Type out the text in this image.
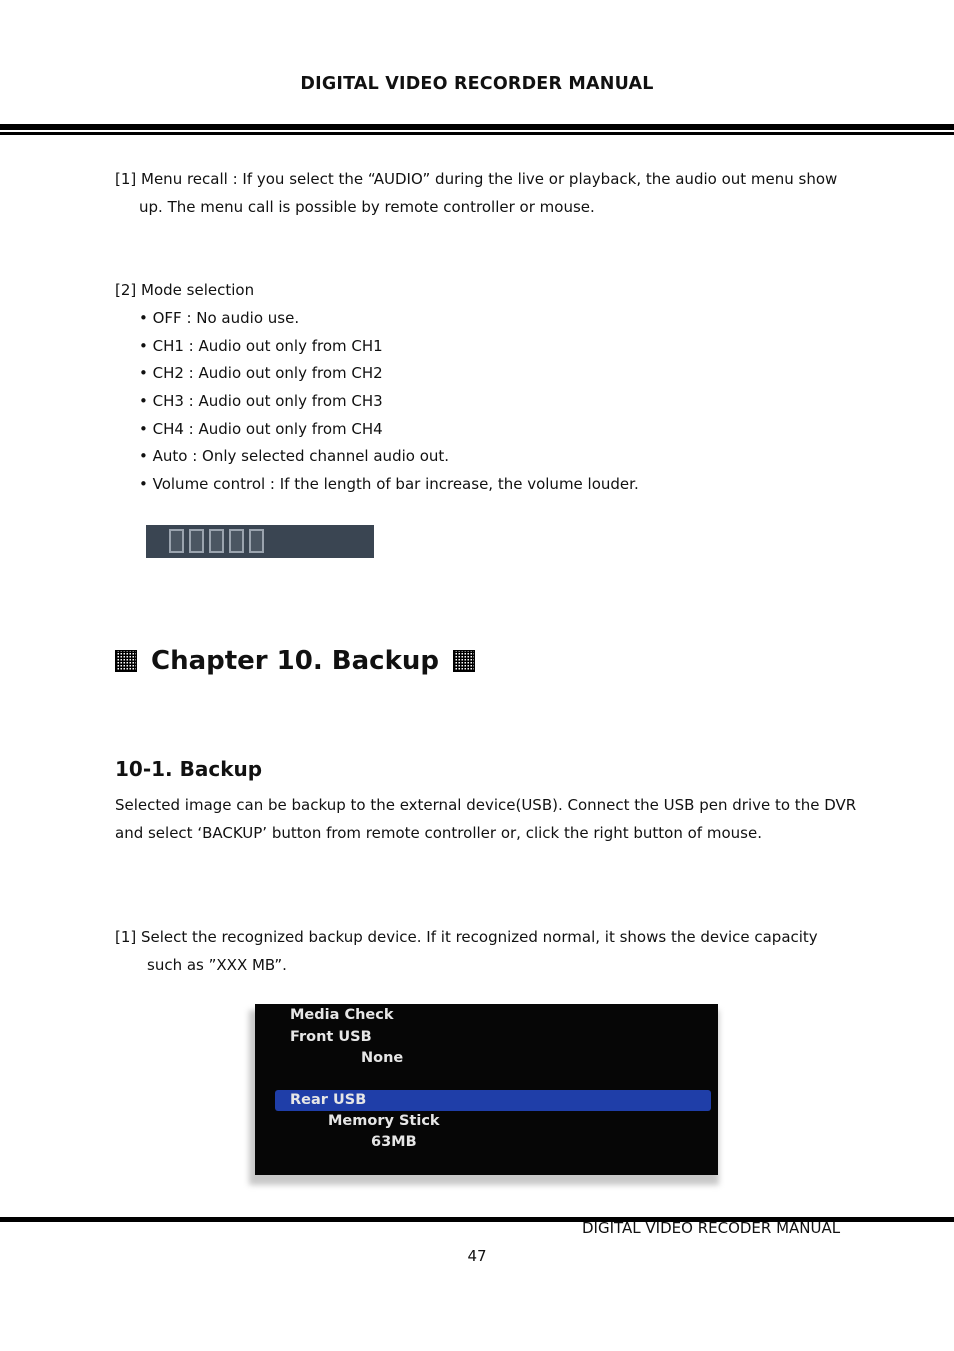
DIGITAL VIDEO RECORDER MANUAL
[1] Menu recall : If you select the “AUDIO” during the live or playback, the audio out menu show
up. The menu call is possible by remote controller or mouse.
[2] Mode selection
• OFF : No audio use.
• CH1 : Audio out only from CH1
• CH2 : Audio out only from CH2
• CH3 : Audio out only from CH3
• CH4 : Audio out only from CH4
• Auto : Only selected channel audio out.
• Volume control : If the length of bar increase, the volume louder.
Chapter 10. Backup
10-1. Backup
Selected image can be backup to the external device(USB). Connect the USB pen drive to the DVR
and select ‘BACKUP’ button from remote controller or, click the right button of mouse.
[1] Select the recognized backup device. If it recognized normal, it shows the device capacity
such as ”XXX MB”.
Media Check
Front USB
None
Rear USB
Memory Stick
63MB
DIGITAL VIDEO RECODER MANUAL
47
